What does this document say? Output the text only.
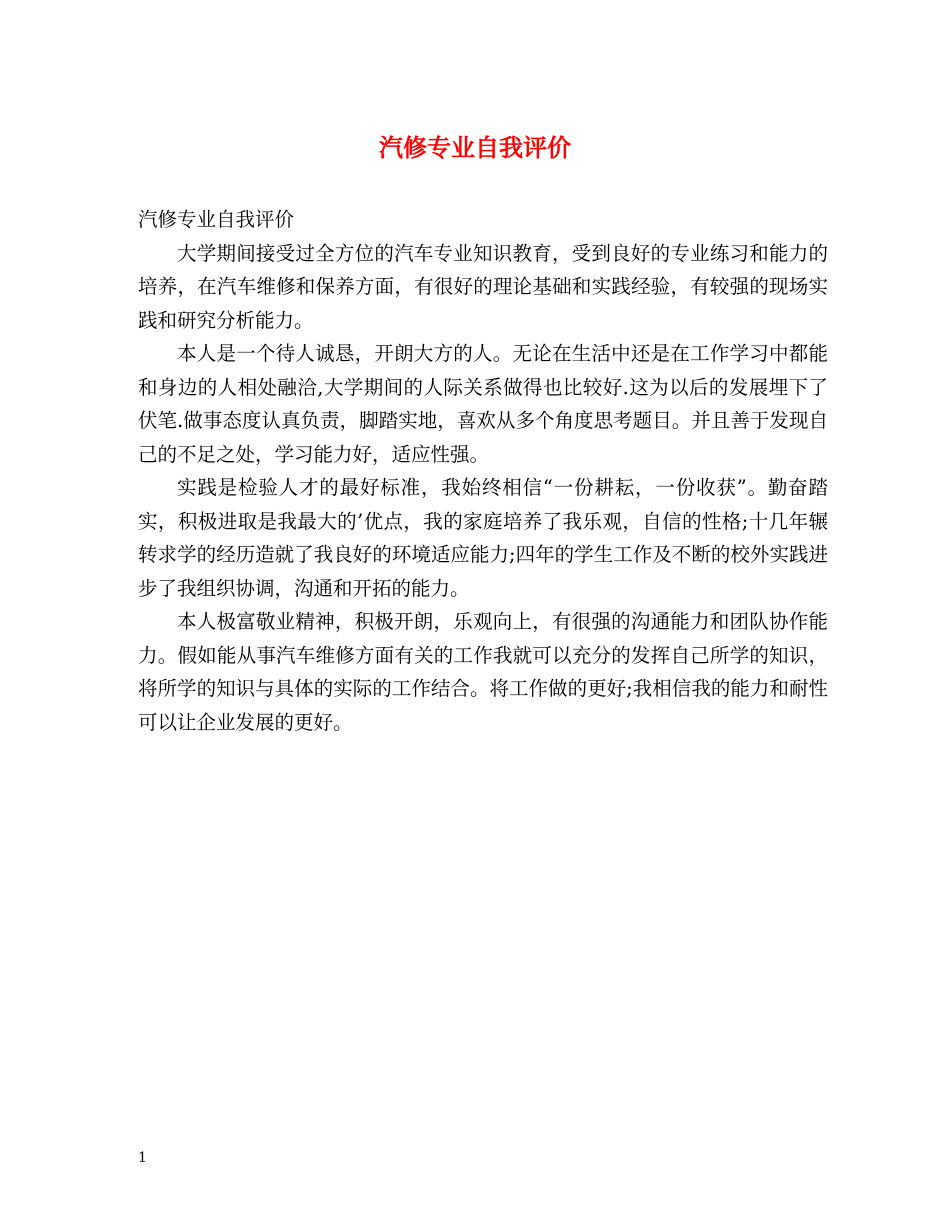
汽修专业自我评价

汽修专业自我评价

大学期间接受过全方位的汽车专业知识教育，受到良好的专业练习和能力的培养，在汽车维修和保养方面，有很好的理论基础和实践经验，有较强的现场实践和研究分析能力。

本人是一个待人诚恳，开朗大方的人。无论在生活中还是在工作学习中都能和身边的人相处融洽,大学期间的人际关系做得也比较好.这为以后的发展埋下了伏笔.做事态度认真负责，脚踏实地，喜欢从多个角度思考题目。并且善于发现自己的不足之处，学习能力好，适应性强。

实践是检验人才的最好标准，我始终相信“一份耕耘，一份收获”。勤奋踏实，积极进取是我最大的’优点，我的家庭培养了我乐观，自信的性格;十几年辗转求学的经历造就了我良好的环境适应能力;四年的学生工作及不断的校外实践进步了我组织协调，沟通和开拓的能力。

本人极富敬业精神，积极开朗，乐观向上，有很强的沟通能力和团队协作能力。假如能从事汽车维修方面有关的工作我就可以充分的发挥自己所学的知识，将所学的知识与具体的实际的工作结合。将工作做的更好;我相信我的能力和耐性可以让企业发展的更好。

1
